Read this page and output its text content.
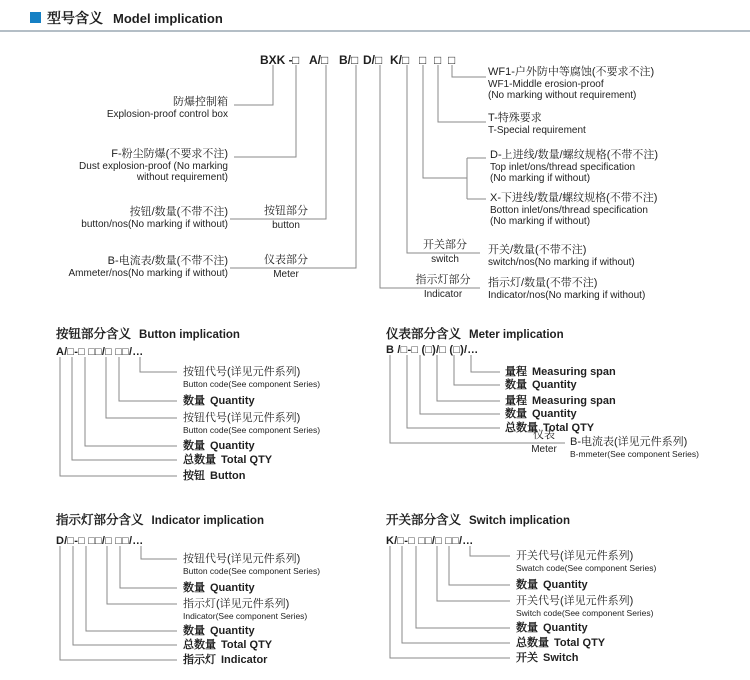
型号含义 Model implication
BXK - □ A/□ B/□ D/□ K/□ □ □ □
防爆控制箱
Explosion-proof control box
F-粉尘防爆(不要求不注)
Dust explosion-proof (No marking
without requirement)
按钮/数量(不带不注)
button/nos(No marking if without)
B-电流表/数量(不带不注)
Ammeter/nos(No marking if without)
按钮部分
button
仪表部分
Meter
开关部分
switch
指示灯部分
Indicator
WF1-户外防中等腐蚀(不要求不注)
WF1-Middle erosion-proof
(No marking without requirement)
T-特殊要求
T-Special requirement
D-上进线/数量/螺纹规格(不带不注)
Top inlet/ons/thread specification
(No marking if without)
X-下进线/数量/螺纹规格(不带不注)
Botton inlet/ons/thread specification
(No marking if without)
开关/数量(不带不注)
switch/nos(No marking if without)
指示灯/数量(不带不注)
Indicator/nos(No marking if without)
按钮部分含义 Button implication
A/□-□ □□/□ □□/…
按钮代号(详见元件系列)
Button code(See component Series)
数量 Quantity
按钮代号(详见元件系列)
Button code(See component Series)
数量 Quantity
总数量 Total QTY
按钮 Button
仪表部分含义 Meter implication
B /□-□ (□)/□ (□)/…
量程 Measuring span
数量 Quantity
量程 Measuring span
数量 Quantity
总数量 Total QTY
仪表
Meter
B-电流表(详见元件系列)
B-mmeter(See component Series)
指示灯部分含义 Indicator implication
D/□-□ □□/□ □□/…
按钮代号(详见元件系列)
Button code(See component Series)
数量 Quantity
指示灯(详见元件系列)
Indicator(See component Series)
数量 Quantity
总数量 Total QTY
指示灯 Indicator
开关部分含义 Switch implication
K/□-□ □□/□ □□/…
开关代号(详见元件系列)
Swatch code(See component Series)
数量 Quantity
开关代号(详见元件系列)
Switch code(See component Series)
数量 Quantity
总数量 Total QTY
开关 Switch
